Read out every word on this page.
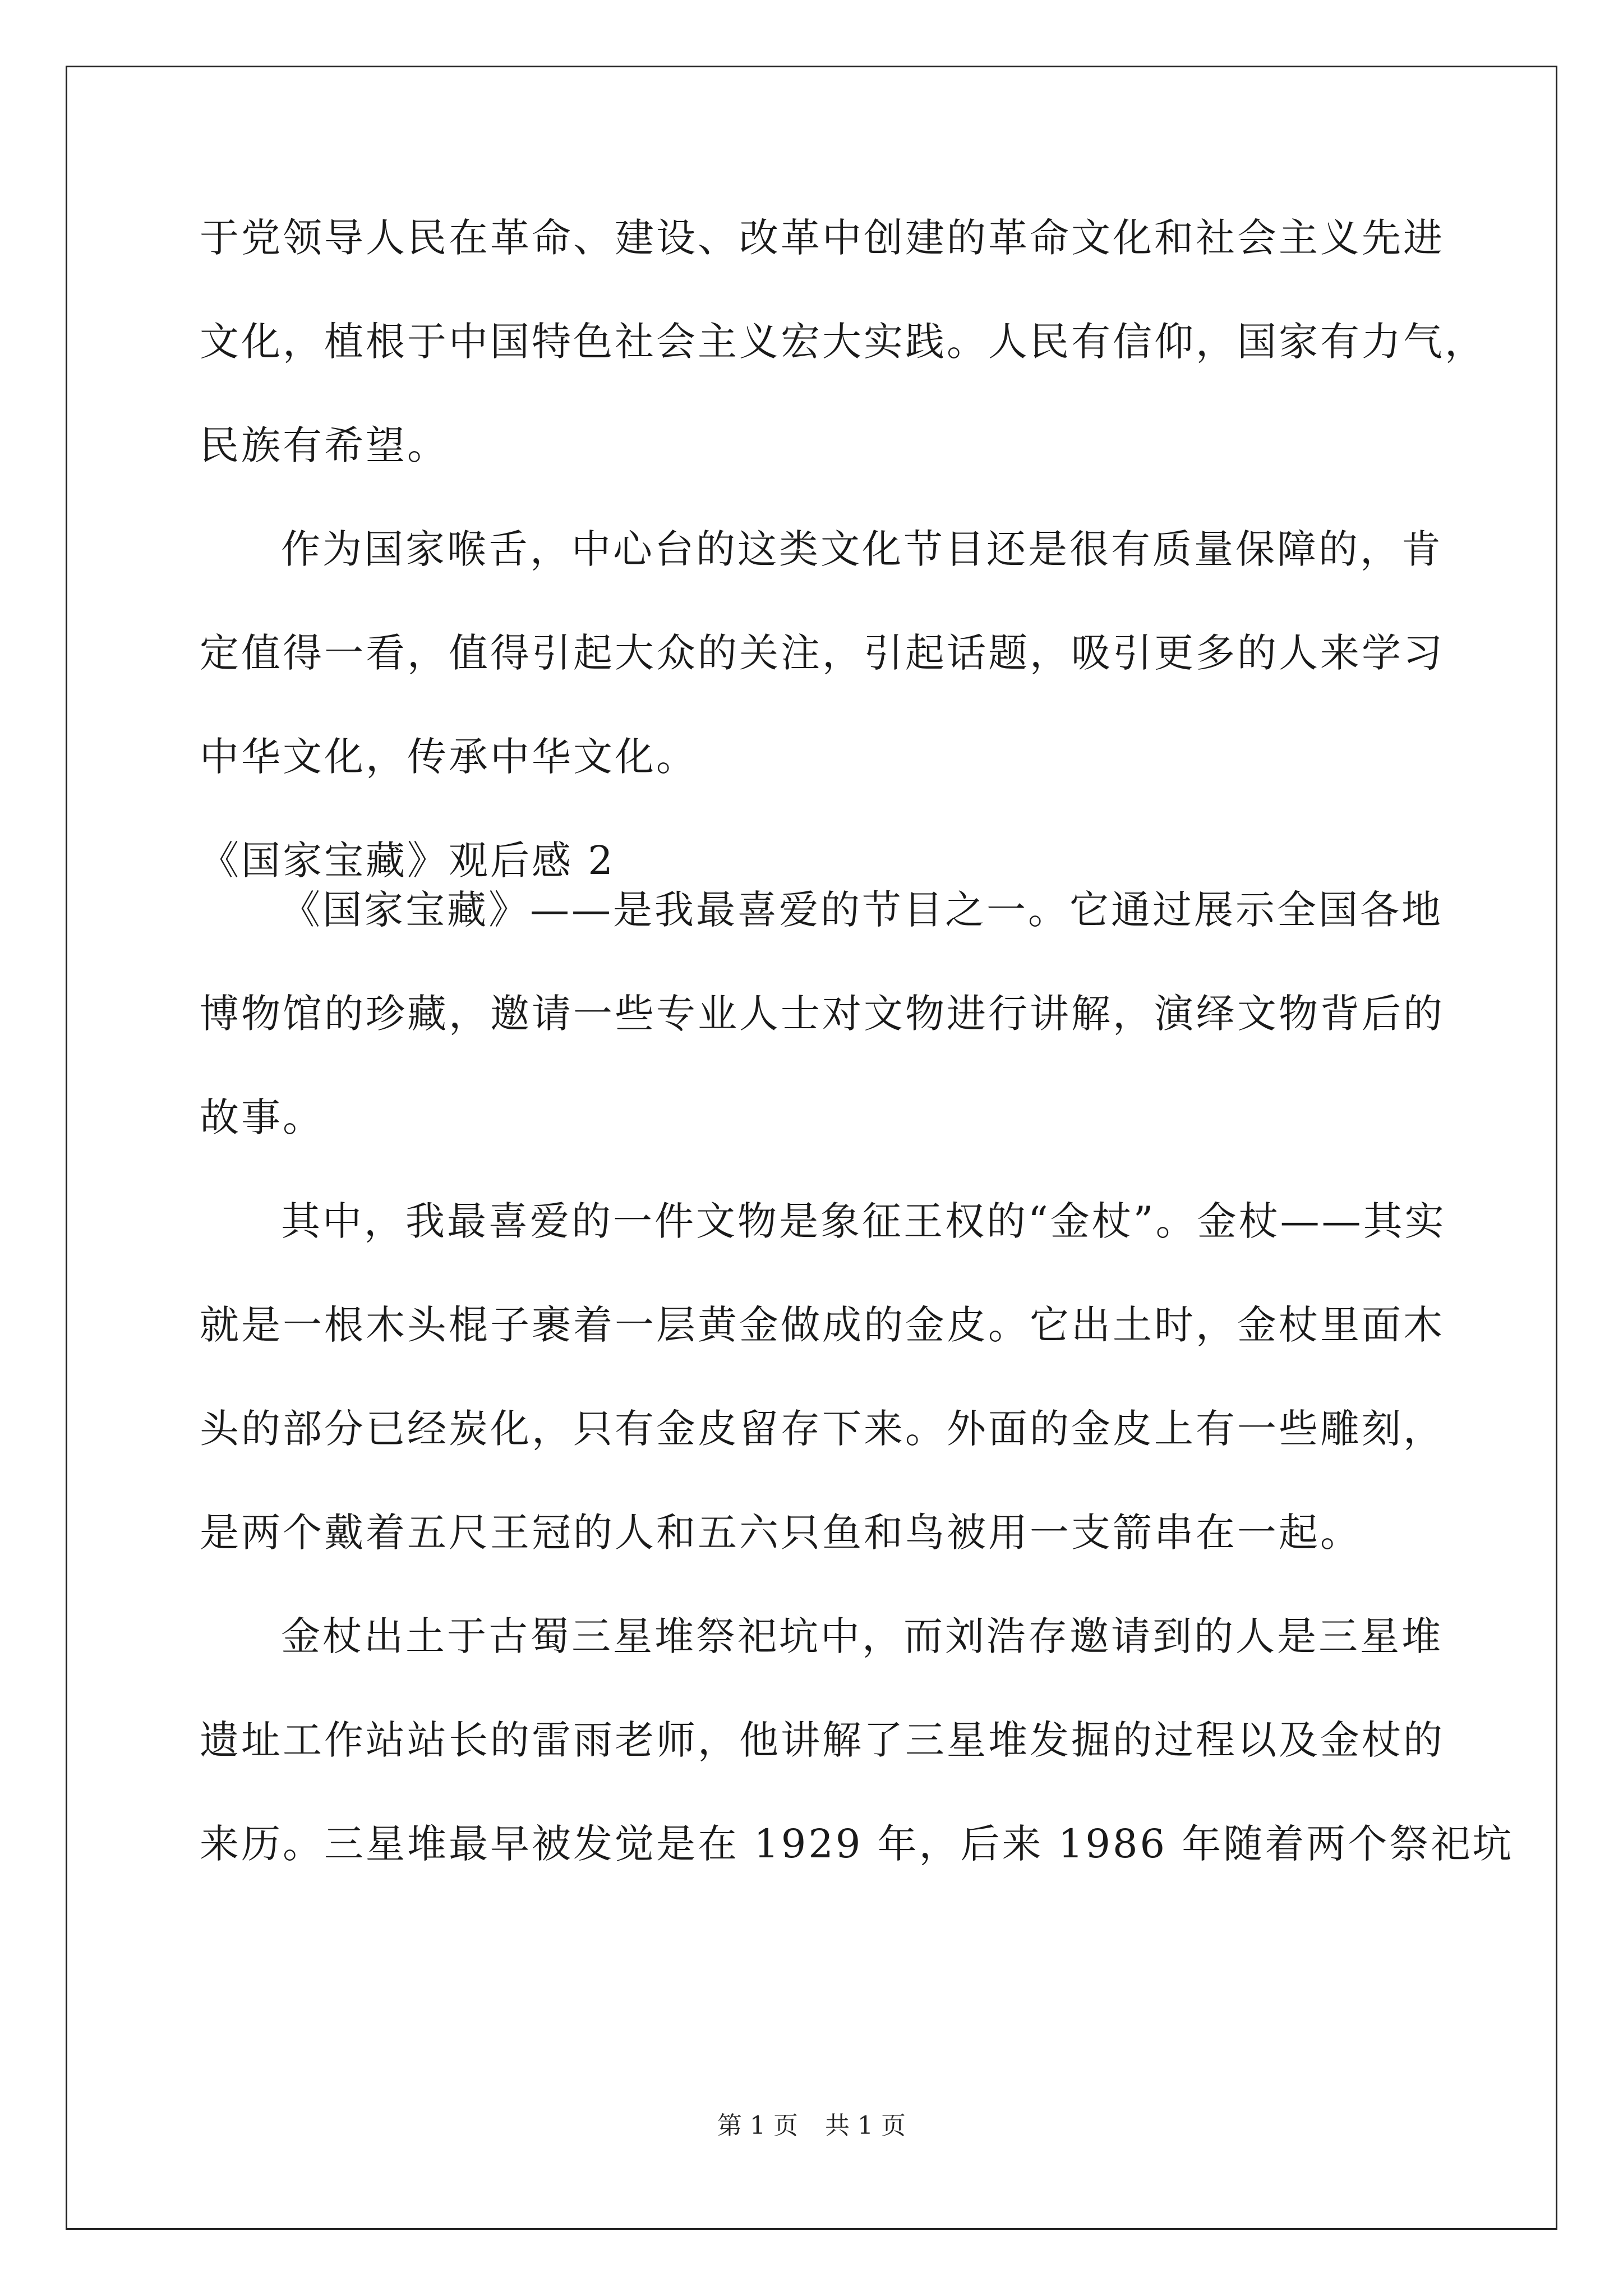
于党领导人民在革命、建设、改革中创建的革命文化和社会主义先进

文化，植根于中国特色社会主义宏大实践。人民有信仰，国家有力气，

民族有希望。

作为国家喉舌，中心台的这类文化节目还是很有质量保障的，肯

定值得一看，值得引起大众的关注，引起话题，吸引更多的人来学习

中华文化，传承中华文化。

《国家宝藏》观后感 2

《国家宝藏》——是我最喜爱的节目之一。它通过展示全国各地

博物馆的珍藏，邀请一些专业人士对文物进行讲解，演绎文物背后的

故事。

其中，我最喜爱的一件文物是象征王权的“金杖”。金杖——其实

就是一根木头棍子裹着一层黄金做成的金皮。它出土时，金杖里面木

头的部分已经炭化，只有金皮留存下来。外面的金皮上有一些雕刻，

是两个戴着五尺王冠的人和五六只鱼和鸟被用一支箭串在一起。

金杖出土于古蜀三星堆祭祀坑中，而刘浩存邀请到的人是三星堆

遗址工作站站长的雷雨老师，他讲解了三星堆发掘的过程以及金杖的

来历。三星堆最早被发觉是在 1929 年，后来 1986 年随着两个祭祀坑

第 1 页 共 1 页
